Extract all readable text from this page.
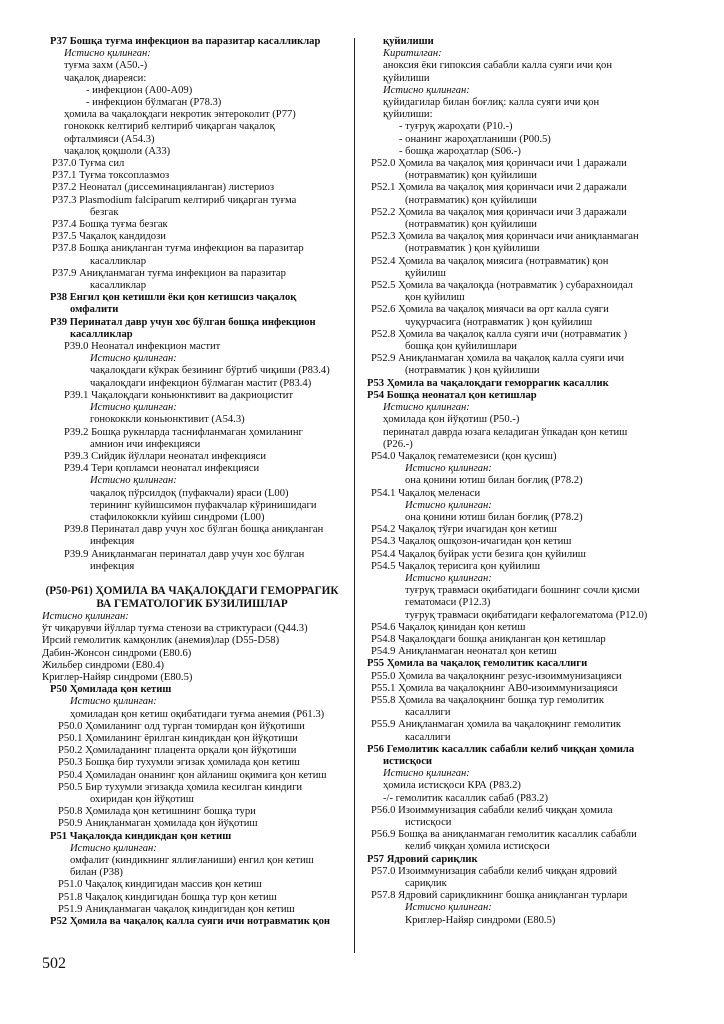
P37 Бошқа туғма инфекцион ва паразитар касалликлар
Истисно қилинган:
туғма захм (A50.-)
чақалоқ диареяси:
- инфекцион (A00-A09)
- инфекцион бўлмаган (P78.3)
ҳомила ва чақалоқдаги некротик энтероколит (P77)
гонококк келтириб келтириб чиқарган чақалоқ
офталмияси (A54.3)
чақалоқ қоқшоли (A33)
P37.0 Туғма сил
P37.1 Туғма токсоплазмоз
P37.2 Неонатал (диссеминацияланган) листериоз
P37.3 Plasmodium falciparum келтириб чиқарган туғма
безгак
P37.4 Бошқа туғма безгак
P37.5 Чақалоқ кандидози
P37.8 Бошқа аниқланган туғма инфекцион ва паразитар
касалликлар
P37.9 Аниқланмаган туғма инфекцион ва паразитар
касалликлар
P38 Енгил қон кетишли ёки қон кетишсиз чақалоқ
омфалити
P39 Перинатал давр учун хос бўлган бошқа инфекцион
касалликлар
P39.0 Неонатал инфекцион мастит
Истисно қилинган:
чақалоқдаги кўкрак безининг бўртиб чиқиши (P83.4)
чақалоқдаги инфекцион бўлмаган мастит (P83.4)
P39.1 Чақалоқдаги коньюнктивит ва дакриоцистит
Истисно қилинган:
гонококкли коньюнктивит (A54.3)
P39.2 Бошқа рукнларда таснифланмаган ҳомиланинг
амнион ичи инфекцияси
P39.3 Сийдик йўллари неонатал инфекцияси
P39.4 Тери қопламси неонатал инфекцияси
Истисно қилинган:
чақалоқ пўрсилдоқ (пуфакчали) яраси (L00)
терининг куйишсимон пуфакчалар кўринишидаги
стафилококкли куйиш синдроми (L00)
P39.8 Перинатал давр учун хос бўлган бошқа аниқланган
инфекция
P39.9 Аниқланмаган перинатал давр учун хос бўлган
инфекция
(P50-P61) ҲОМИЛА ВА ЧАҚАЛОҚДАГИ ГЕМОРРАГИК
ВА ГЕМАТОЛОГИК БУЗИЛИШЛАР
Истисно қилинган:
ўт чиқарувчи йўллар туғма стенози ва стриктураси (Q44.3)
Ирсий гемолитик камқонлик (анемия)лар (D55-D58)
Дабин-Жонсон синдроми (E80.6)
Жильбер синдроми (E80.4)
Криглер-Найяр синдроми (E80.5)
P50 Ҳомилада қон кетиш
Истисно қилинган:
ҳомиладан қон кетиш оқибатидаги туғма анемия (P61.3)
P50.0 Ҳомиланинг олд турган томирдан қон йўқотиши
P50.1 Ҳомиланинг ёрилган киндикдан қон йўқотиши
P50.2 Ҳомиладанинг плацента орқали қон йўқотиши
P50.3 Бошқа бир тухумли эгизак ҳомилада қон кетиш
P50.4 Ҳомиладан онанинг қон айланиш оқимига қон кетиш
P50.5 Бир тухумли эгизакда ҳомила кесилган киндиги
охиридан қон йўқотиш
P50.8 Ҳомилада қон кетишнинг бошқа тури
P50.9 Аниқланмаган ҳомилада қон йўқотиш
P51 Чақалоқда киндикдан қон кетиш
Истисно қилинган:
омфалит (киндикнинг яллиғланиши) енгил қон кетиш
билан (P38)
P51.0 Чақалоқ киндигидан массив қон кетиш
P51.8 Чақалоқ киндигидан бошқа тур қон кетиш
P51.9 Аниқланмаган чақалоқ киндигидан қон кетиш
P52 Ҳомила ва чақалоқ калла суяги ичи нотравматик қон
қуйилиши
Киритилган:
аноксия ёки гипоксия сабабли калла суяги ичи қон
қуйилиши
Истисно қилинган:
қуйидагилар билан боғлиқ: калла суяги ичи қон
қуйилиши:
- туғруқ жароҳати (P10.-)
- онанинг жароҳатланиши (P00.5)
- бошқа жароҳатлар (S06.-)
P52.0 Ҳомила ва чақалоқ мия қоринчаси ичи 1 даражали
(нотравматик) қон қуйилиши
P52.1 Ҳомила ва чақалоқ мия қоринчаси ичи 2 даражали
(нотравматик) қон қуйилиши
P52.2 Ҳомила ва чақалоқ мия қоринчаси ичи 3 даражали
(нотравматик) қон қуйилиши
P52.3 Ҳомила ва чақалоқ мия қоринчаси ичи аниқланмаган
(нотравматик ) қон қуйилиши
P52.4 Ҳомила ва чақалоқ миясига (нотравматик) қон
қуйилиш
P52.5 Ҳомила ва чақалоқда (нотравматик ) субарахноидал
қон қуйилиш
P52.6 Ҳомила ва чақалоқ миячаси ва орт калла суяги
чуқурчасига (нотравматик ) қон қуйилиш
P52.8 Ҳомила ва чақалоқ калла суяги ичи (нотравматик )
бошқа қон қуйилишлари
P52.9 Аниқланмаган ҳомила ва чақалоқ калла суяги ичи
(нотравматик ) қон қуйилиши
P53 Ҳомила ва чақалоқдаги геморрагик касаллик
P54 Бошқа неонатал қон кетишлар
Истисно қилинган:
ҳомилада қон йўқотиш (P50.-)
перинатал даврда юзага келадиган ўпкадан қон кетиш
(P26.-)
P54.0 Чақалоқ гематемезиси (қон қусиш)
Истисно қилинган:
она қонини ютиш билан боғлиқ (P78.2)
P54.1 Чақалоқ меленаси
Истисно қилинган:
она қонини ютиш билан боғлиқ (P78.2)
P54.2 Чақалоқ тўғри ичагидан қон кетиш
P54.3 Чақалоқ ошқозон-ичагидан қон кетиш
P54.4 Чақалоқ буйрак усти безига қон қуйилиш
P54.5 Чақалоқ терисига қон қуйилиш
Истисно қилинган:
туғруқ травмаси оқибатидаги бошнинг сочли қисми
гематомаси (P12.3)
туғруқ травмаси оқибатидаги кефалогематома (P12.0)
P54.6 Чақалоқ қинидан қон кетиш
P54.8 Чақалоқдаги бошқа аниқланган қон кетишлар
P54.9 Аниқланмаган неонатал қон кетиш
P55 Ҳомила ва чақалоқ гемолитик касаллиги
P55.0 Ҳомила ва чақалоқнинг резус-изоиммунизацияси
P55.1 Ҳомила ва чақалоқнинг АВ0-изоиммунизацияси
P55.8 Ҳомила ва чақалоқнинг бошқа тур гемолитик
касаллиги
P55.9 Аниқланмаган ҳомила ва чақалоқнинг гемолитик
касаллиги
P56 Гемолитик касаллик сабабли келиб чиққан ҳомила
истисқоси
Истисно қилинган:
ҳомила истисқоси КРА (P83.2)
-/- гемолитик касаллик сабаб (P83.2)
P56.0 Изоиммунизация сабабли келиб чиққан ҳомила
истисқоси
P56.9 Бошқа ва аниқланмаган гемолитик касаллик сабабли
келиб чиққан ҳомила истисқоси
P57 Ядровий сариқлик
P57.0 Изоиммунизация сабабли келиб чиққан ядровий
сариқлик
P57.8 Ядровий сариқликнинг бошқа аниқланган турлари
Истисно қилинган:
Криглер-Найяр синдроми (E80.5)
502
